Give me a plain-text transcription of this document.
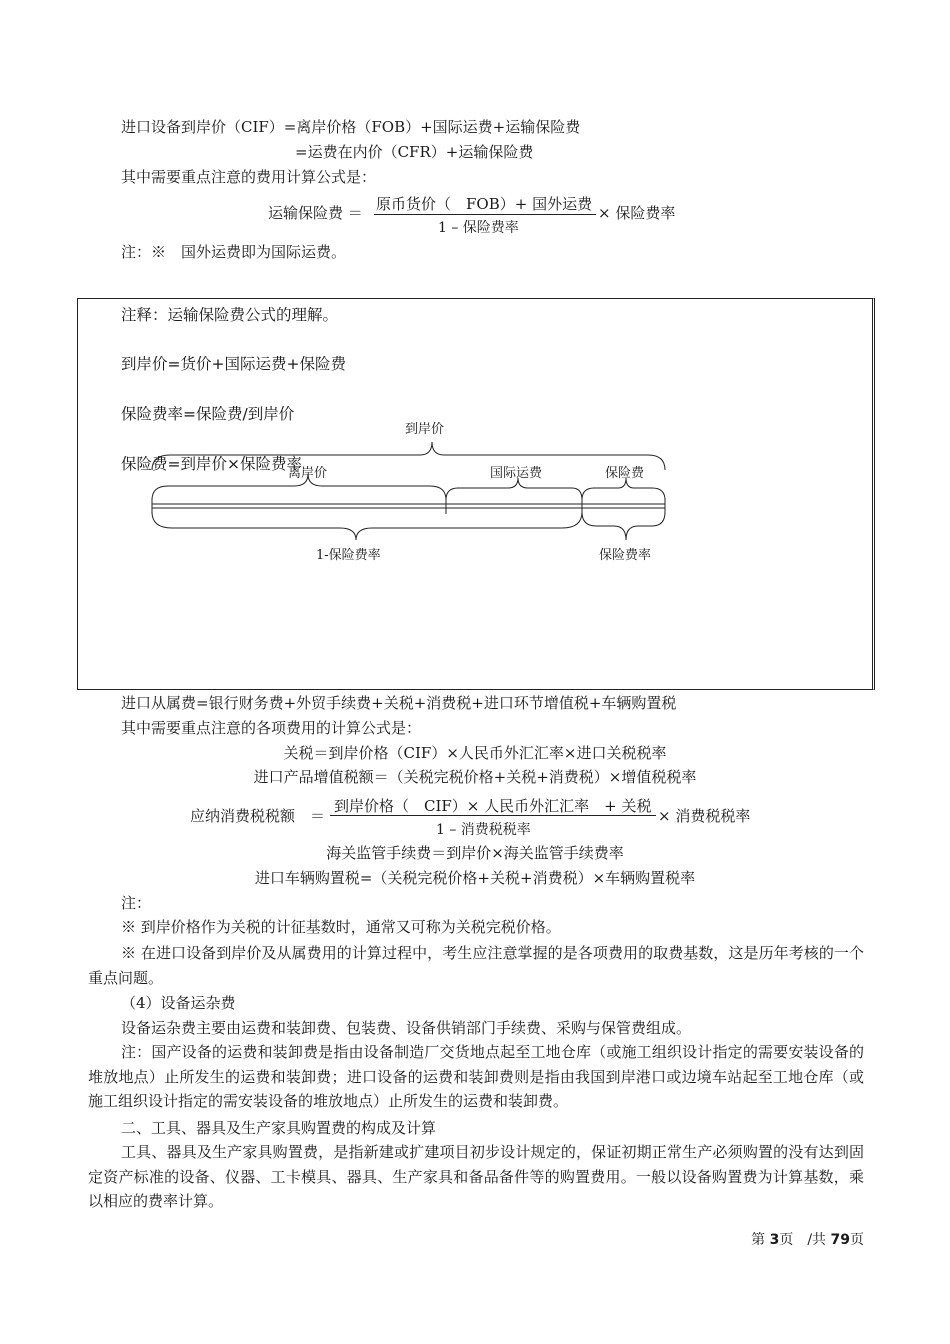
进口设备到岸价（CIF）=离岸价格（FOB）+国际运费+运输保险费
=运费在内价（CFR）+运输保险费
其中需要重点注意的费用计算公式是：
运输保险费 ＝ 原币货价（　FOB）+ 国外运费
1 – 保险费率
× 保险费率
注：※　国外运费即为国际运费。
注释：运输保险费公式的理解。
到岸价=货价+国际运费+保险费
保险费率=保险费/到岸价
保险费=到岸价×保险费率
到岸价
离岸价	国际运费	保险费
1-保险费率	保险费率
进口从属费=银行财务费+外贸手续费+关税+消费税+进口环节增值税+车辆购置税
其中需要重点注意的各项费用的计算公式是：
关税＝到岸价格（CIF）×人民币外汇汇率×进口关税税率
进口产品增值税额＝（关税完税价格+关税+消费税）×增值税税率
应纳消费税税额　＝
到岸价格（　CIF）× 人民币外汇汇率　+ 关税
1 – 消费税税率
× 消费税税率
海关监管手续费＝到岸价×海关监管手续费率
进口车辆购置税=（关税完税价格+关税+消费税）×车辆购置税率
注：
※ 到岸价格作为关税的计征基数时，通常又可称为关税完税价格。
※ 在进口设备到岸价及从属费用的计算过程中，考生应注意掌握的是各项费用的取费基数，这是历年考核的一个重点问题。
（4）设备运杂费
设备运杂费主要由运费和装卸费、包装费、设备供销部门手续费、采购与保管费组成。
注：国产设备的运费和装卸费是指由设备制造厂交货地点起至工地仓库（或施工组织设计指定的需要安装设备的堆放地点）止所发生的运费和装卸费；进口设备的运费和装卸费则是指由我国到岸港口或边境车站起至工地仓库（或施工组织设计指定的需安装设备的堆放地点）止所发生的运费和装卸费。
二、工具、器具及生产家具购置费的构成及计算
工具、器具及生产家具购置费，是指新建或扩建项目初步设计规定的，保证初期正常生产必须购置的没有达到固定资产标准的设备、仪器、工卡模具、器具、生产家具和备品备件等的购置费用。一般以设备购置费为计算基数，乘以相应的费率计算。
第 3页　/共 79页
